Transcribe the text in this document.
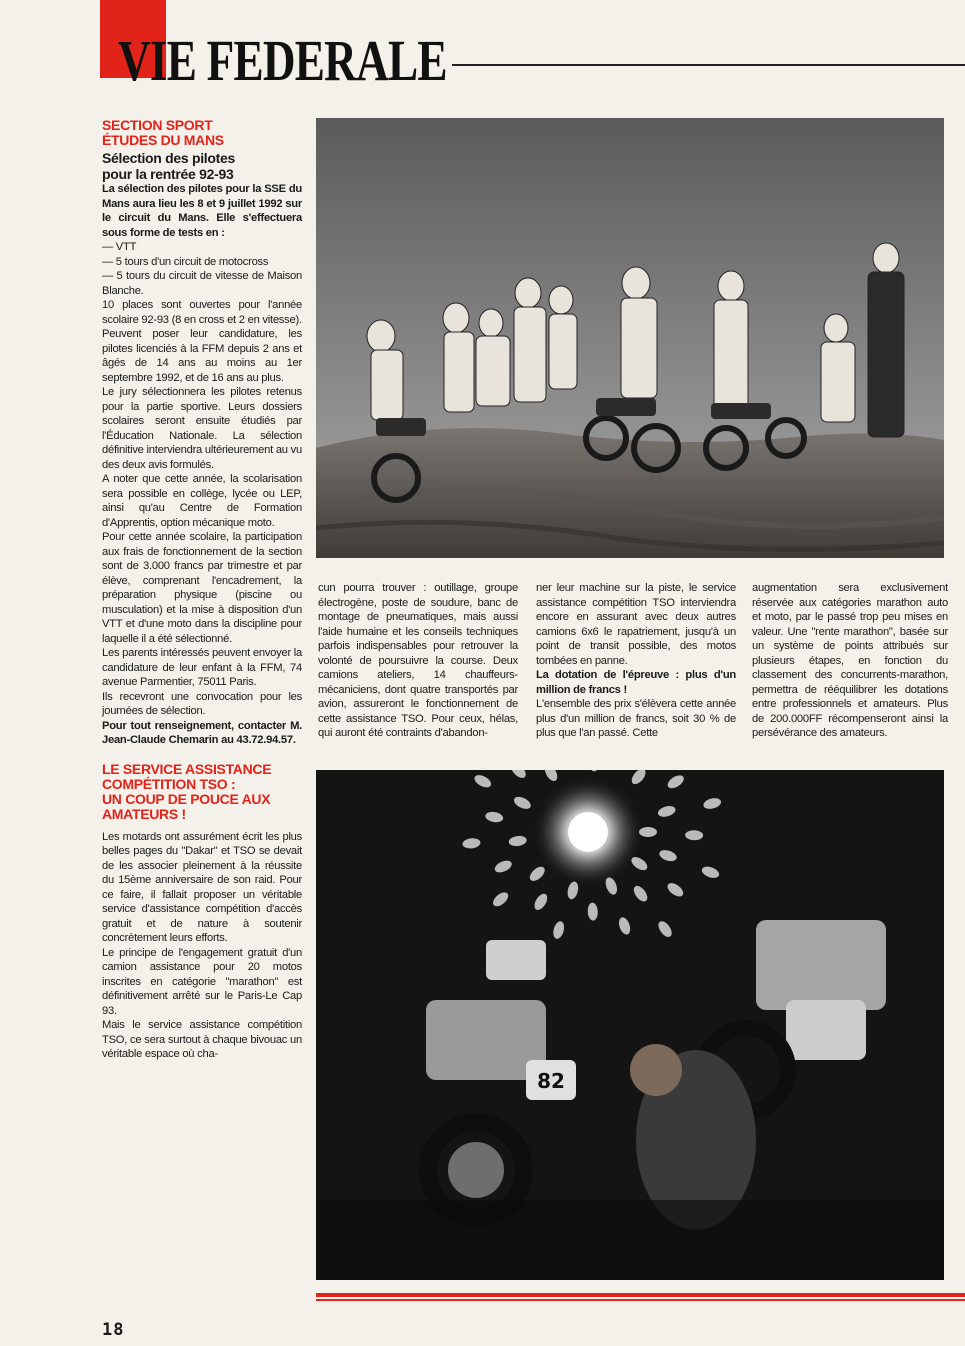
VIE FEDERALE
SECTION SPORT
ÉTUDES DU MANS
Sélection des pilotes
pour la rentrée 92-93

La sélection des pilotes pour la SSE du Mans aura lieu les 8 et 9 juillet 1992 sur le circuit du Mans. Elle s'effectuera sous forme de tests en :

— VTT

— 5 tours d'un circuit de motocross

— 5 tours du circuit de vitesse de Maison Blanche.

10 places sont ouvertes pour l'année scolaire 92-93 (8 en cross et 2 en vitesse).

Peuvent poser leur candidature, les pilotes licenciés à la FFM depuis 2 ans et âgés de 14 ans au moins au 1er septembre 1992, et de 16 ans au plus.

Le jury sélectionnera les pilotes retenus pour la partie sportive. Leurs dossiers scolaires seront ensuite étudiés par l'Éducation Nationale. La sélection définitive interviendra ultérieurement au vu des deux avis formulés.

A noter que cette année, la scolarisation sera possible en collège, lycée ou LEP, ainsi qu'au Centre de Formation d'Apprentis, option mécanique moto.

Pour cette année scolaire, la participation aux frais de fonctionnement de la section sont de 3.000 francs par trimestre et par élève, comprenant l'encadrement, la préparation physique (piscine ou musculation) et la mise à disposition d'un VTT et d'une moto dans la discipline pour laquelle il a été sélectionné.

Les parents intéressés peuvent envoyer la candidature de leur enfant à la FFM, 74 avenue Parmentier, 75011 Paris.

Ils recevront une convocation pour les journées de sélection.

Pour tout renseignement, contacter M. Jean-Claude Chemarin au 43.72.94.57.

LE SERVICE ASSISTANCE
COMPÉTITION TSO :
UN COUP DE POUCE AUX
AMATEURS !

Les motards ont assurément écrit les plus belles pages du "Dakar" et TSO se devait de les associer pleinement à la réussite du 15ème anniversaire de son raid. Pour ce faire, il fallait proposer un véritable service d'assistance compétition d'accès gratuit et de nature à soutenir concrètement leurs efforts.

Le principe de l'engagement gratuit d'un camion assistance pour 20 motos inscrites en catégorie "marathon" est définitivement arrêté sur le Paris-Le Cap 93.

Mais le service assistance compétition TSO, ce sera surtout à chaque bivouac un véritable espace où cha-

cun pourra trouver : outillage, groupe électrogène, poste de soudure, banc de montage de pneumatiques, mais aussi l'aide humaine et les conseils techniques parfois indispensables pour retrouver la volonté de poursuivre la course. Deux camions ateliers, 14 chauffeurs-mécaniciens, dont quatre transportés par avion, assureront le fonctionnement de cette assistance TSO. Pour ceux, hélas, qui auront été contraints d'abandon-

ner leur machine sur la piste, le service assistance compétition TSO interviendra encore en assurant avec deux autres camions 6x6 le rapatriement, jusqu'à un point de transit possible, des motos tombées en panne.

La dotation de l'épreuve : plus d'un million de francs !

L'ensemble des prix s'élèvera cette année plus d'un million de francs, soit 30 % de plus que l'an passé. Cette

augmentation sera exclusivement réservée aux catégories marathon auto et moto, par le passé trop peu mises en valeur. Une "rente marathon", basée sur un système de points attribués sur plusieurs étapes, en fonction du classement des concurrents-marathon, permettra de rééquilibrer les dotations entre professionnels et amateurs. Plus de 200.000FF récompenseront ainsi la persévérance des amateurs.

82
18
